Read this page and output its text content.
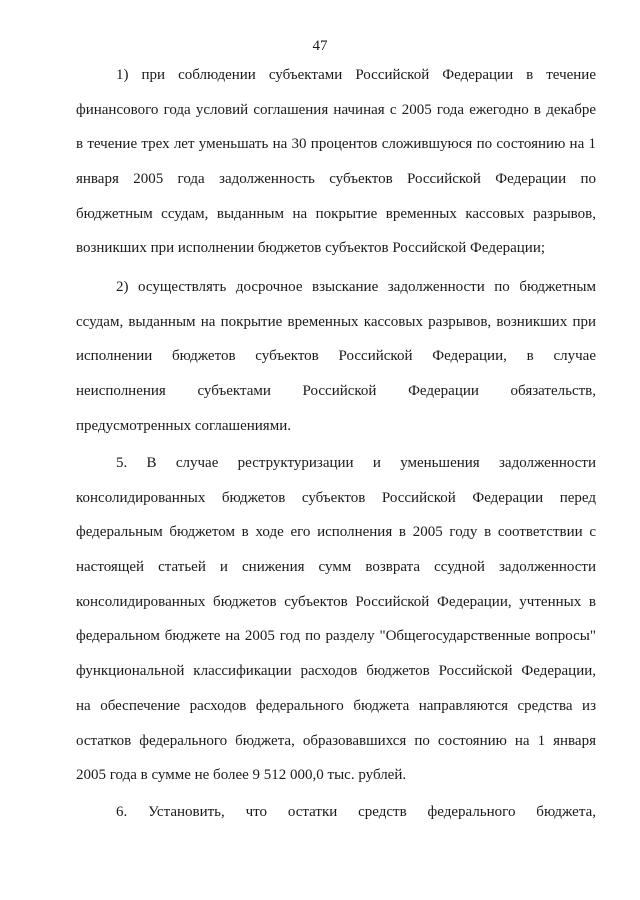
47
1) при соблюдении субъектами Российской Федерации в течение
финансового года условий соглашения начиная с 2005 года ежегодно в декабре
в течение трех лет уменьшать на 30 процентов сложившуюся по состоянию на 1
января 2005 года задолженность субъектов Российской Федерации по
бюджетным ссудам, выданным на покрытие временных кассовых разрывов,
возникших при исполнении бюджетов субъектов Российской Федерации;
2) осуществлять досрочное взыскание задолженности по бюджетным
ссудам, выданным на покрытие временных кассовых разрывов, возникших при
исполнении бюджетов субъектов Российской Федерации, в случае
неисполнения субъектами Российской Федерации обязательств,
предусмотренных соглашениями.
5. В случае реструктуризации и уменьшения задолженности
консолидированных бюджетов субъектов Российской Федерации перед
федеральным бюджетом в ходе его исполнения в 2005 году в соответствии с
настоящей статьей и снижения сумм возврата ссудной задолженности
консолидированных бюджетов субъектов Российской Федерации, учтенных в
федеральном бюджете на 2005 год по разделу "Общегосударственные вопросы"
функциональной классификации расходов бюджетов Российской Федерации,
на обеспечение расходов федерального бюджета направляются средства из
остатков федерального бюджета, образовавшихся по состоянию на 1 января
2005 года в сумме не более 9 512 000,0 тыс. рублей.
6. Установить, что остатки средств федерального бюджета,
